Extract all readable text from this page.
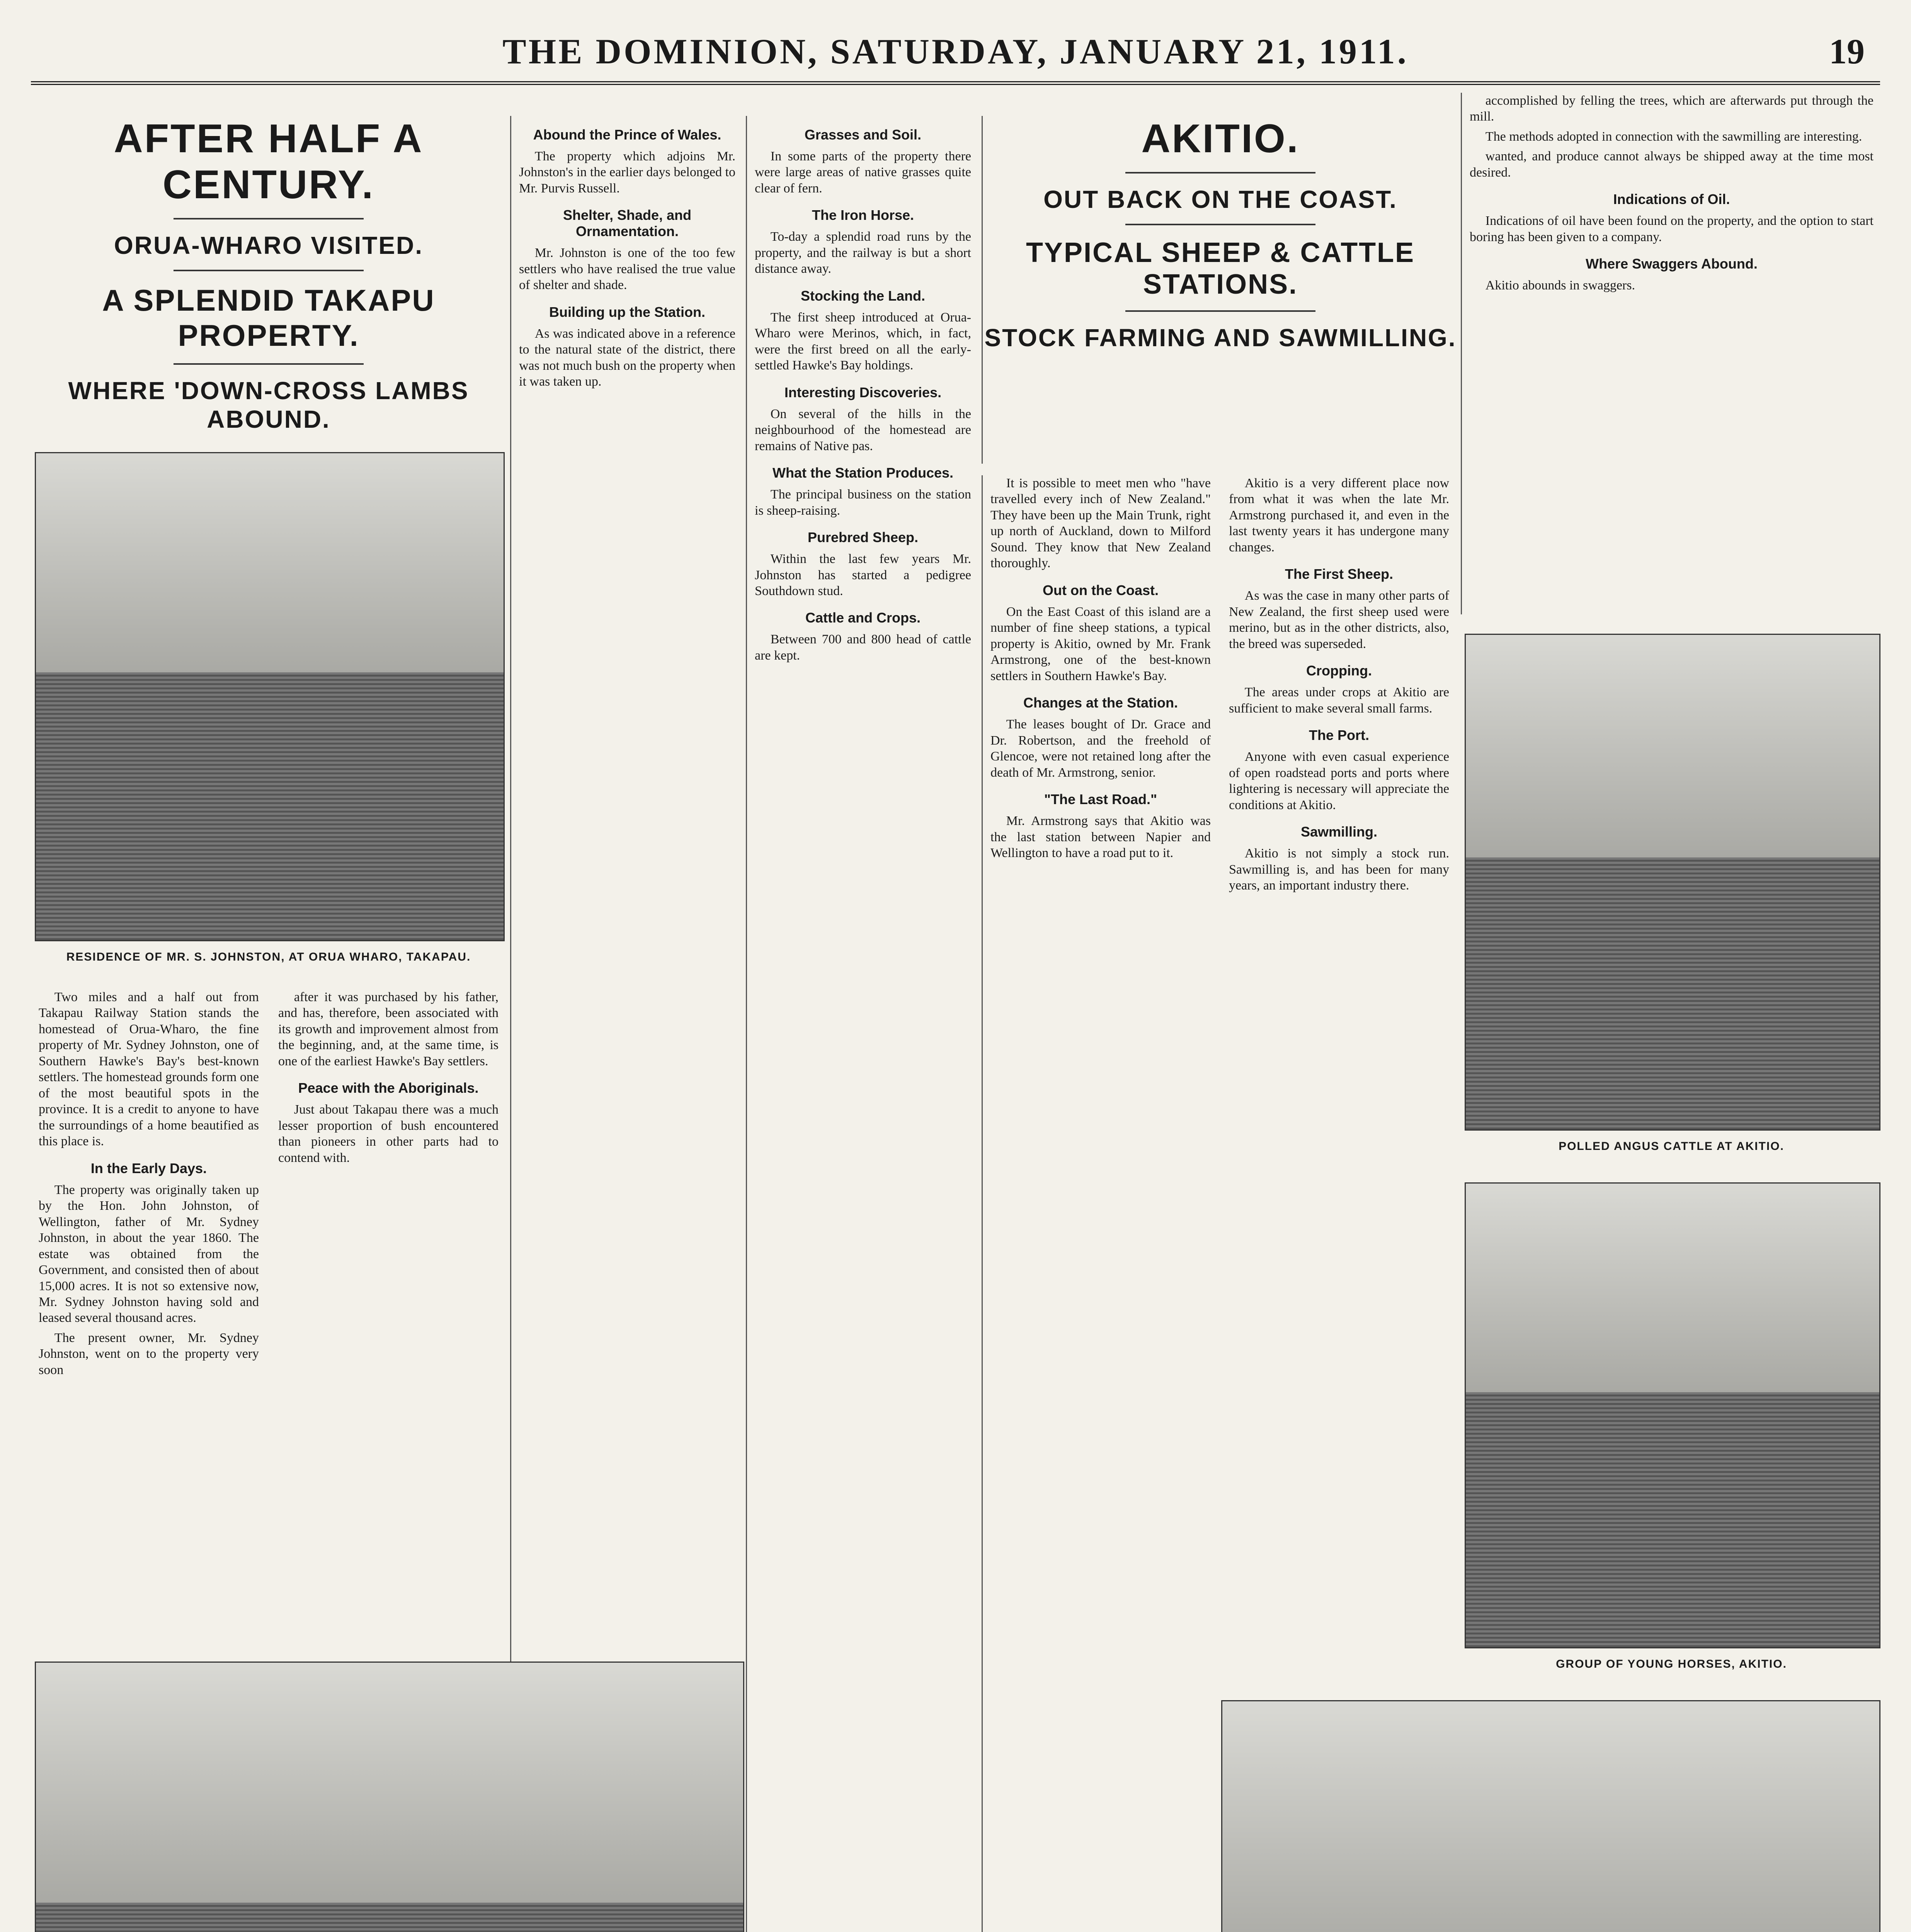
THE DOMINION, SATURDAY, JANUARY 21, 1911.	19
AFTER HALF A CENTURY.
ORUA-WHARO VISITED.
A SPLENDID TAKAPU PROPERTY.
WHERE 'DOWN-CROSS LAMBS ABOUND.
RESIDENCE OF MR. S. JOHNSTON, AT ORUA WHARO, TAKAPAU.

Two miles and a half out from Takapau Railway Station stands the homestead of Orua-Wharo, the fine property of Mr. Sydney Johnston, one of Southern Hawke's Bay's best-known settlers. The homestead grounds form one of the most beautiful spots in the province. It is a credit to anyone to have the surroundings of a home beautified as this place is.

In the Early Days.

The property was originally taken up by the Hon. John Johnston, of Wellington, father of Mr. Sydney Johnston, in about the year 1860. The estate was obtained from the Government, and consisted then of about 15,000 acres. It is not so extensive now, Mr. Sydney Johnston having sold and leased several thousand acres.

The present owner, Mr. Sydney Johnston, went on to the property very soon

after it was purchased by his father, and has, therefore, been associated with its growth and improvement almost from the beginning, and, at the same time, is one of the earliest Hawke's Bay settlers.

Peace with the Aboriginals.

Just about Takapau there was a much lesser proportion of bush encountered than pioneers in other parts had to contend with.

Abound the Prince of Wales.

The property which adjoins Mr. Johnston's in the earlier days belonged to Mr. Purvis Russell.

Shelter, Shade, and Ornamentation.

Mr. Johnston is one of the too few settlers who have realised the true value of shelter and shade.

Building up the Station.

As was indicated above in a reference to the natural state of the district, there was not much bush on the property when it was taken up.

Grasses and Soil.

In some parts of the property there were large areas of native grasses quite clear of fern.

The Iron Horse.

To-day a splendid road runs by the property, and the railway is but a short distance away.

Stocking the Land.

The first sheep introduced at Orua-Wharo were Merinos, which, in fact, were the first breed on all the early-settled Hawke's Bay holdings.

Interesting Discoveries.

On several of the hills in the neighbourhood of the homestead are remains of Native pas.

What the Station Produces.

The principal business on the station is sheep-raising.

Purebred Sheep.

Within the last few years Mr. Johnston has started a pedigree Southdown stud.

Cattle and Crops.

Between 700 and 800 head of cattle are kept.

AKITIO.
OUT BACK ON THE COAST.
TYPICAL SHEEP & CATTLE STATIONS.
STOCK FARMING AND SAWMILLING.

It is possible to meet men who "have travelled every inch of New Zealand." They have been up the Main Trunk, right up north of Auckland, down to Milford Sound. They know that New Zealand thoroughly.

Out on the Coast.

On the East Coast of this island are a number of fine sheep stations, a typical property is Akitio, owned by Mr. Frank Armstrong, one of the best-known settlers in Southern Hawke's Bay.

Changes at the Station.

The leases bought of Dr. Grace and Dr. Robertson, and the freehold of Glencoe, were not retained long after the death of Mr. Armstrong, senior.

"The Last Road."

Mr. Armstrong says that Akitio was the last station between Napier and Wellington to have a road put to it.

Akitio is a very different place now from what it was when the late Mr. Armstrong purchased it, and even in the last twenty years it has undergone many changes.

The First Sheep.

As was the case in many other parts of New Zealand, the first sheep used were merino, but as in the other districts, also, the breed was superseded.

Cropping.

The areas under crops at Akitio are sufficient to make several small farms.

The Port.

Anyone with even casual experience of open roadstead ports and ports where lightering is necessary will appreciate the conditions at Akitio.

Sawmilling.

Akitio is not simply a stock run. Sawmilling is, and has been for many years, an important industry there.

accomplished by felling the trees, which are afterwards put through the mill.

The methods adopted in connection with the sawmilling are interesting.

wanted, and produce cannot always be shipped away at the time most desired.

Indications of Oil.

Indications of oil have been found on the property, and the option to start boring has been given to a company.

Where Swaggers Abound.

Akitio abounds in swaggers.

POLLED ANGUS CATTLE AT AKITIO.
GROUP OF YOUNG HORSES, AKITIO.
